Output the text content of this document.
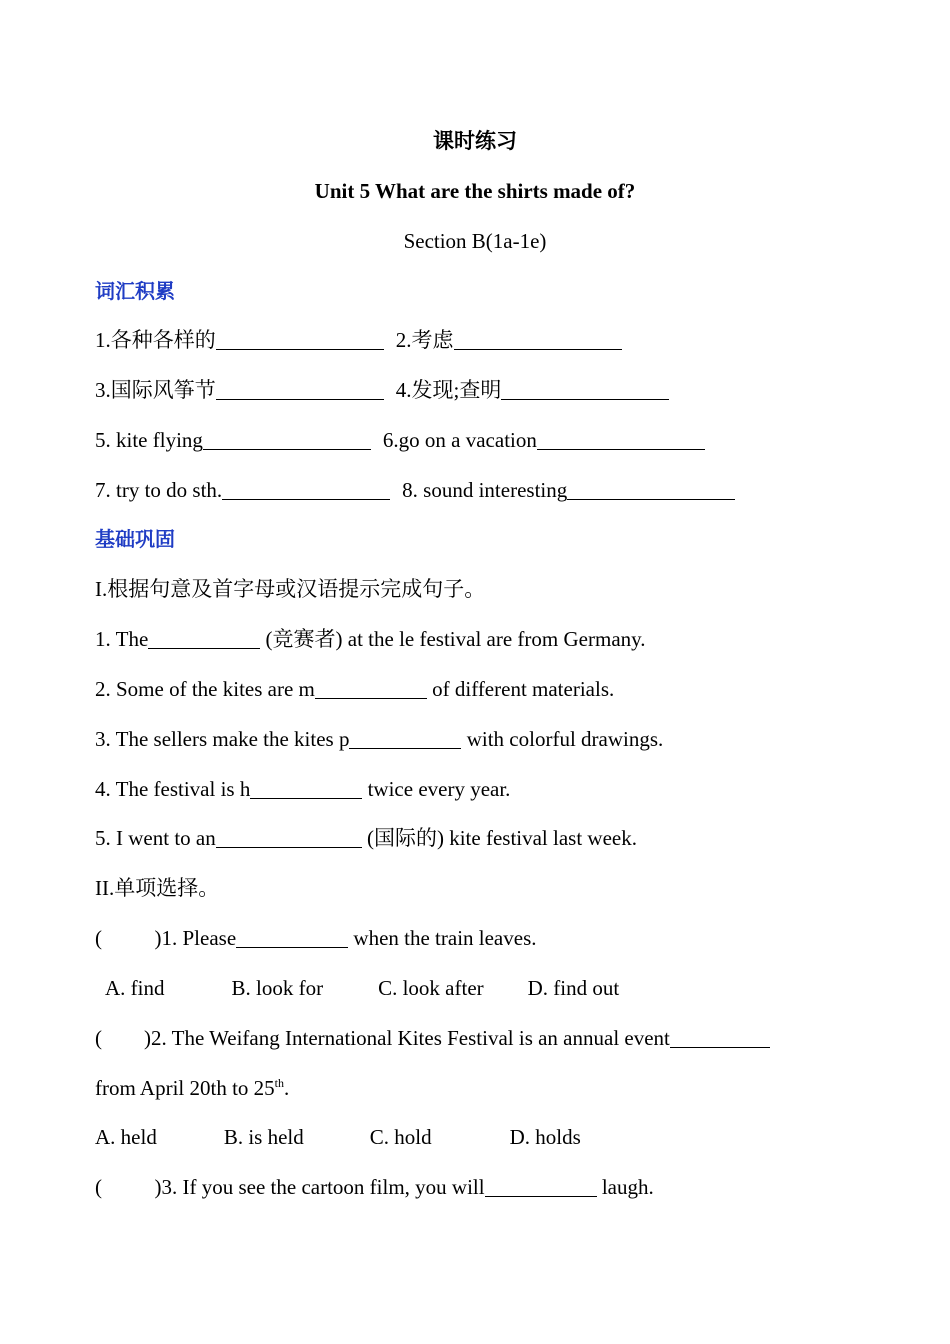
课时练习
Unit 5 What are the shirts made of?
Section B(1a-1e)
词汇积累
1.各种各样的	2.考虑
3.国际风筝节	4.发现;查明
5. kite flying	6.go on a vacation
7. try to do sth.	8. sound interesting
基础巩固
I.根据句意及首字母或汉语提示完成句子。
1. The	(竞赛者) at the le festival are from Germany.
2. Some of the kites are m	of different materials.
3. The sellers make the kites p	with colorful drawings.
4. The festival is h	twice every year.
5. I went to an	(国际的) kite festival last week.
II.单项选择。
(          )1. Please	when the train leaves.
A. find	B. look for	C. look after D. find out
(        )2. The Weifang International Kites Festival is an annual event
from April 20th to 25th.
A. held	B. is held	C. hold	D. holds
(          )3. If you see the cartoon film, you will	laugh.
